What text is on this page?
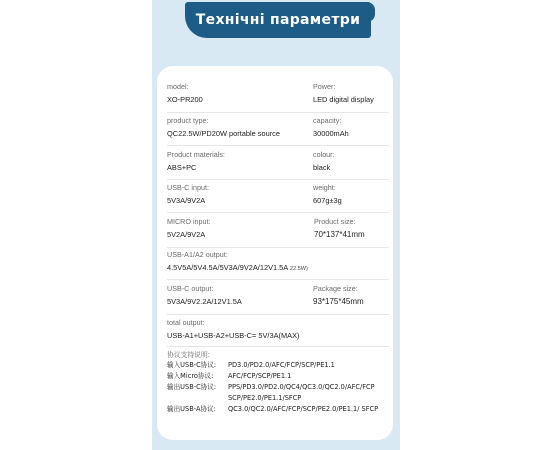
Технічні параметри
model:
XO-PR200
Power:
LED digital display
product type:
QC22.5W/PD20W portable source
capacity:
30000mAh
Product materials:
ABS+PC
colour:
black
USB-C input:
5V3A/9V2A
weight:
607g±3g
MICRO input:
5V2A/9V2A
Product size:
70*137*41mm
USB-A1/A2 output:
4.5V5A/5V4.5A/5V3A/9V2A/12V1.5A 22.5W)
USB-C output:
5V3A/9V2.2A/12V1.5A
Package size:
93*175*45mm
total output:
USB-A1+USB-A2+USB-C= 5V/3A(MAX)
协议支持说明:
输入USB-C协议: PD3.0/PD2.0/AFC/FCP/SCP/PE1.1
输入Micro协议: AFC/FCP/SCP/PE1.1
输出USB-C协议: PPS/PD3.0/PD2.0/QC4/QC3.0/QC2.0/AFC/FCP SCP/PE2.0/PE1.1/SFCP
输出USB-A协议: QC3.0/QC2.0/AFC/FCP/SCP/PE2.0/PE1.1/ SFCP
